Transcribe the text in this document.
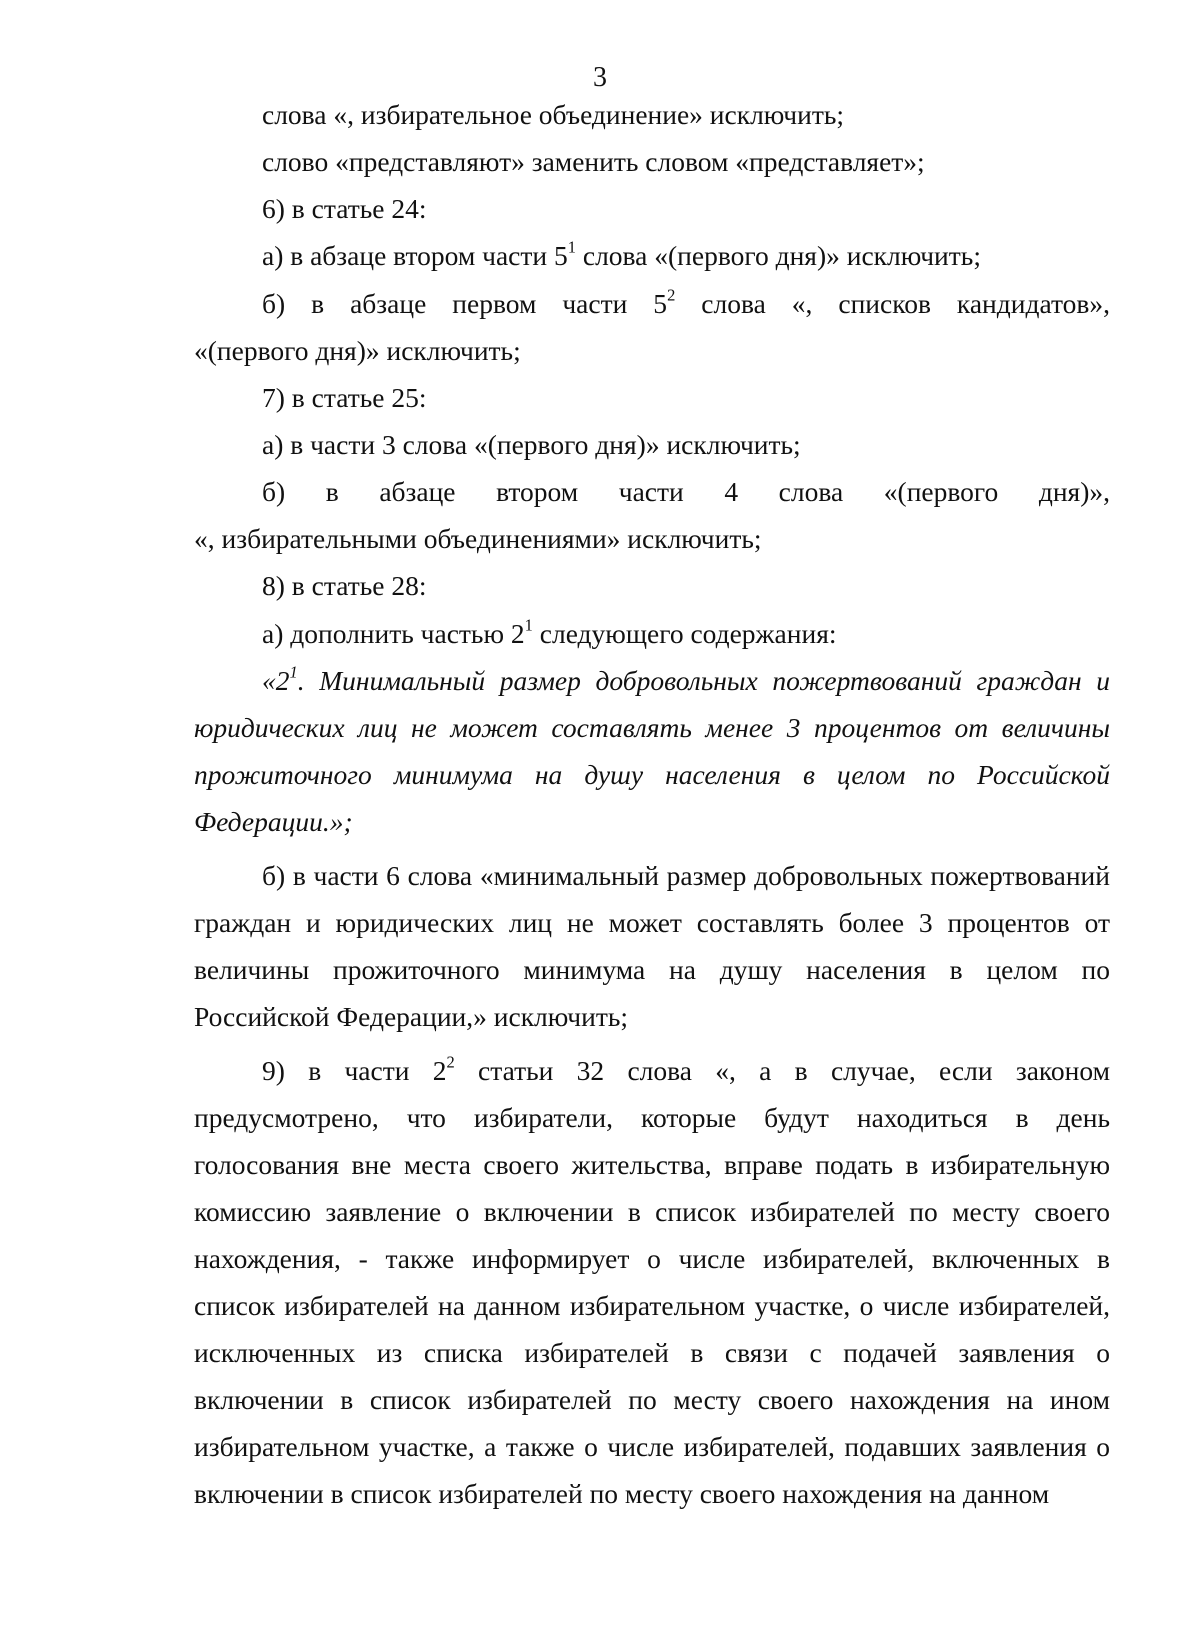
3
слова «, избирательное объединение» исключить;
слово «представляют» заменить словом «представляет»;
6) в статье 24:
а) в абзаце втором части $5^1$ слова «(первого дня)» исключить;
б) в абзаце первом части $5^2$ слова «, списков кандидатов»,
«(первого дня)» исключить;
7) в статье 25:
а) в части 3 слова «(первого дня)» исключить;
б) в абзаце втором части 4 слова «(первого дня)»,
«, избирательными объединениями» исключить;
8) в статье 28:
а) дополнить частью $2^1$ следующего содержания:
«$2^1$. Минимальный размер добровольных пожертвований граждан и
юридических лиц не может составлять менее 3 процентов от величины
прожиточного минимума на душу населения в целом по Российской
Федерации.»;
б) в части 6 слова «минимальный размер добровольных пожертвований
граждан и юридических лиц не может составлять более 3 процентов от
величины прожиточного минимума на душу населения в целом по
Российской Федерации,» исключить;
9) в части $2^2$ статьи 32 слова «, а в случае, если законом
предусмотрено, что избиратели, которые будут находиться в день
голосования вне места своего жительства, вправе подать в избирательную
комиссию заявление о включении в список избирателей по месту своего
нахождения, - также информирует о числе избирателей, включенных в
список избирателей на данном избирательном участке, о числе избирателей,
исключенных из списка избирателей в связи с подачей заявления о
включении в список избирателей по месту своего нахождения на ином
избирательном участке, а также о числе избирателей, подавших заявления о
включении в список избирателей по месту своего нахождения на данном
